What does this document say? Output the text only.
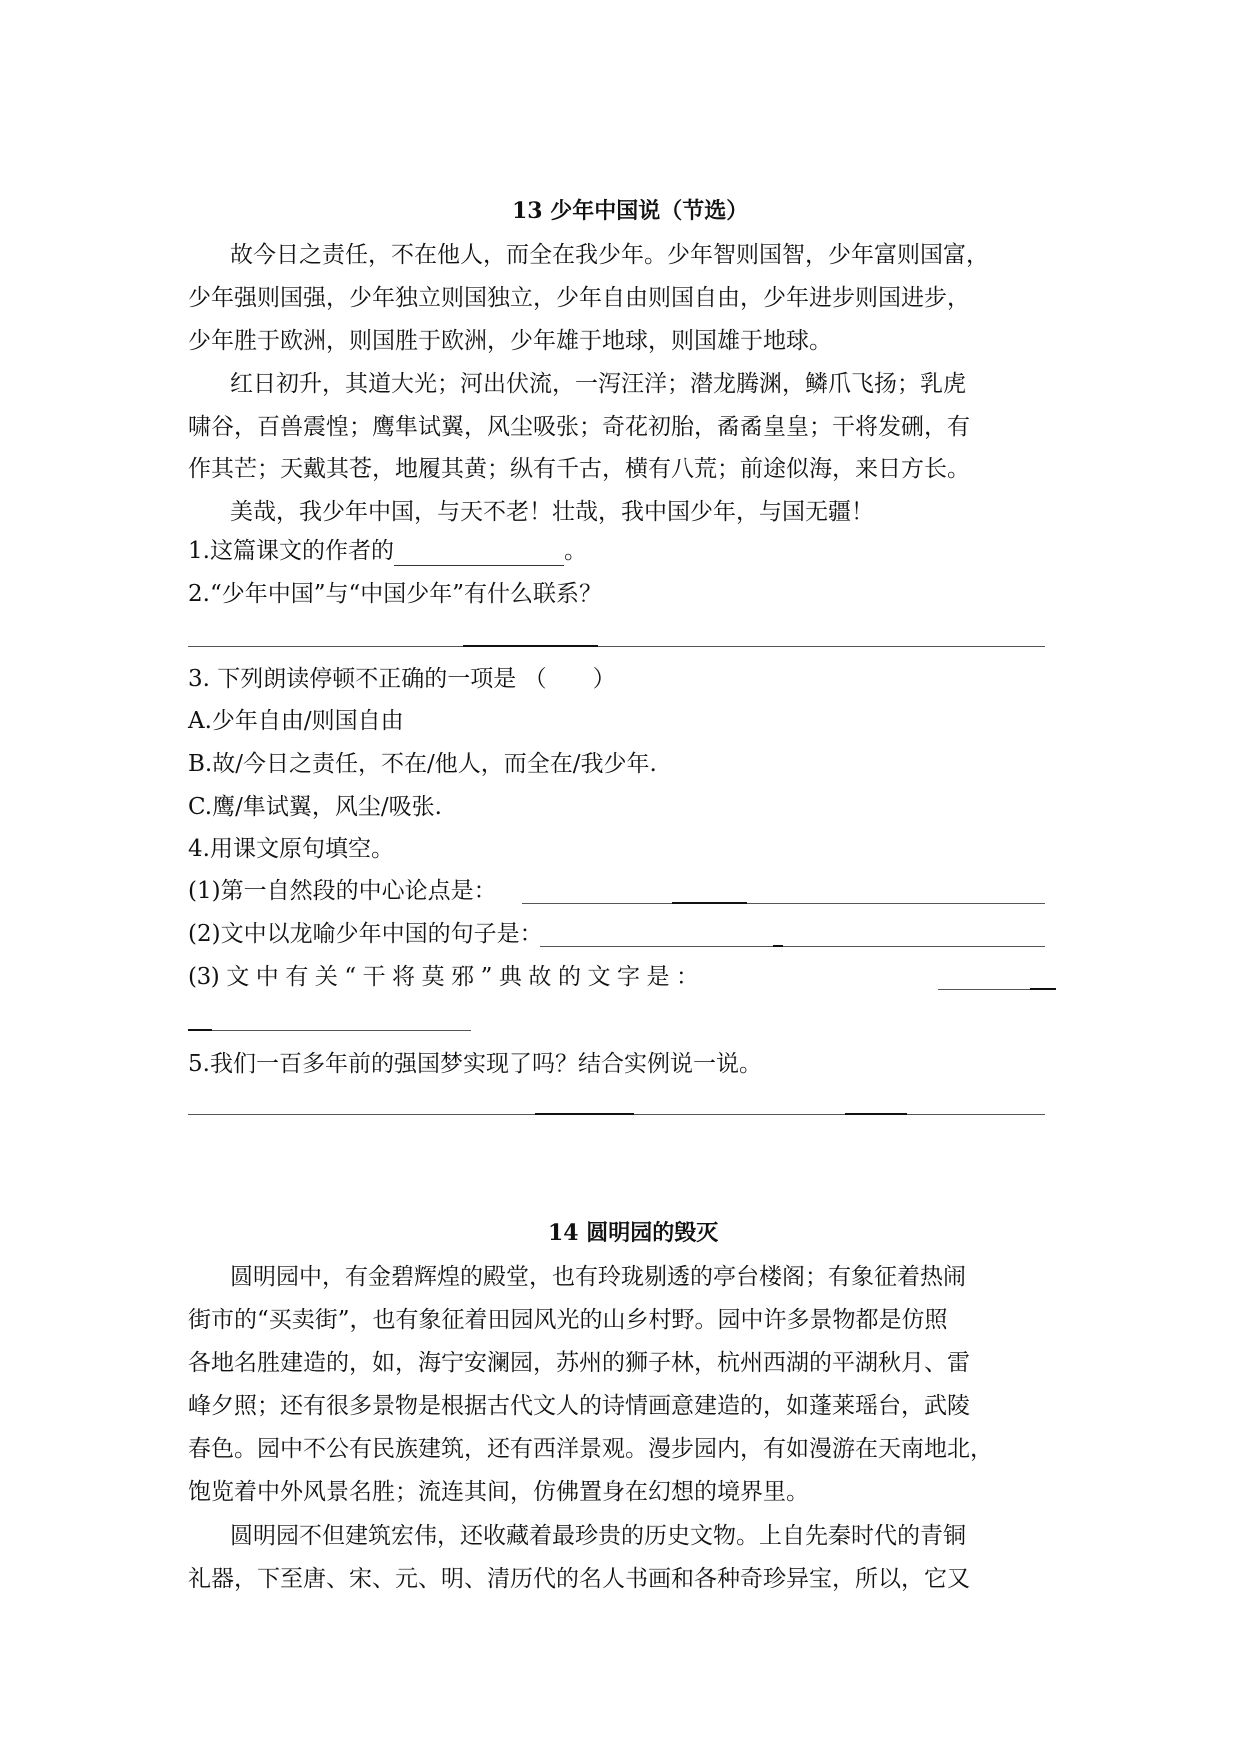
13 少年中国说（节选）
故今日之责任，不在他人，而全在我少年。少年智则国智，少年富则国富，
少年强则国强，少年独立则国独立，少年自由则国自由，少年进步则国进步，
少年胜于欧洲，则国胜于欧洲，少年雄于地球，则国雄于地球。
红日初升，其道大光；河出伏流，一泻汪洋；潜龙腾渊，鳞爪飞扬；乳虎
啸谷，百兽震惶；鹰隼试翼，风尘吸张；奇花初胎，矞矞皇皇；干将发硎，有
作其芒；天戴其苍，地履其黄；纵有千古，横有八荒；前途似海，来日方长。
美哉，我少年中国，与天不老！壮哉，我中国少年，与国无疆！
1.这篇课文的作者的	。
2.“少年中国”与“中国少年”有什么联系？
3. 下列朗读停顿不正确的一项是 （　　）
A.少年自由/则国自由
B.故/今日之责任，不在/他人，而全在/我少年.
C.鹰/隼试翼，风尘/吸张.
4.用课文原句填空。
(1)第一自然段的中心论点是：
(2)文中以龙喻少年中国的句子是：
(3) 文 中 有 关 “ 干 将 莫 邪 ” 典 故 的 文 字 是 ：
5.我们一百多年前的强国梦实现了吗？结合实例说一说。
14 圆明园的毁灭
圆明园中，有金碧辉煌的殿堂，也有玲珑剔透的亭台楼阁；有象征着热闹
街市的“买卖街”，也有象征着田园风光的山乡村野。园中许多景物都是仿照
各地名胜建造的，如，海宁安澜园，苏州的狮子林，杭州西湖的平湖秋月、雷
峰夕照；还有很多景物是根据古代文人的诗情画意建造的，如蓬莱瑶台，武陵
春色。园中不公有民族建筑，还有西洋景观。漫步园内，有如漫游在天南地北，
饱览着中外风景名胜；流连其间，仿佛置身在幻想的境界里。
圆明园不但建筑宏伟，还收藏着最珍贵的历史文物。上自先秦时代的青铜
礼器，下至唐、宋、元、明、清历代的名人书画和各种奇珍异宝，所以，它又
